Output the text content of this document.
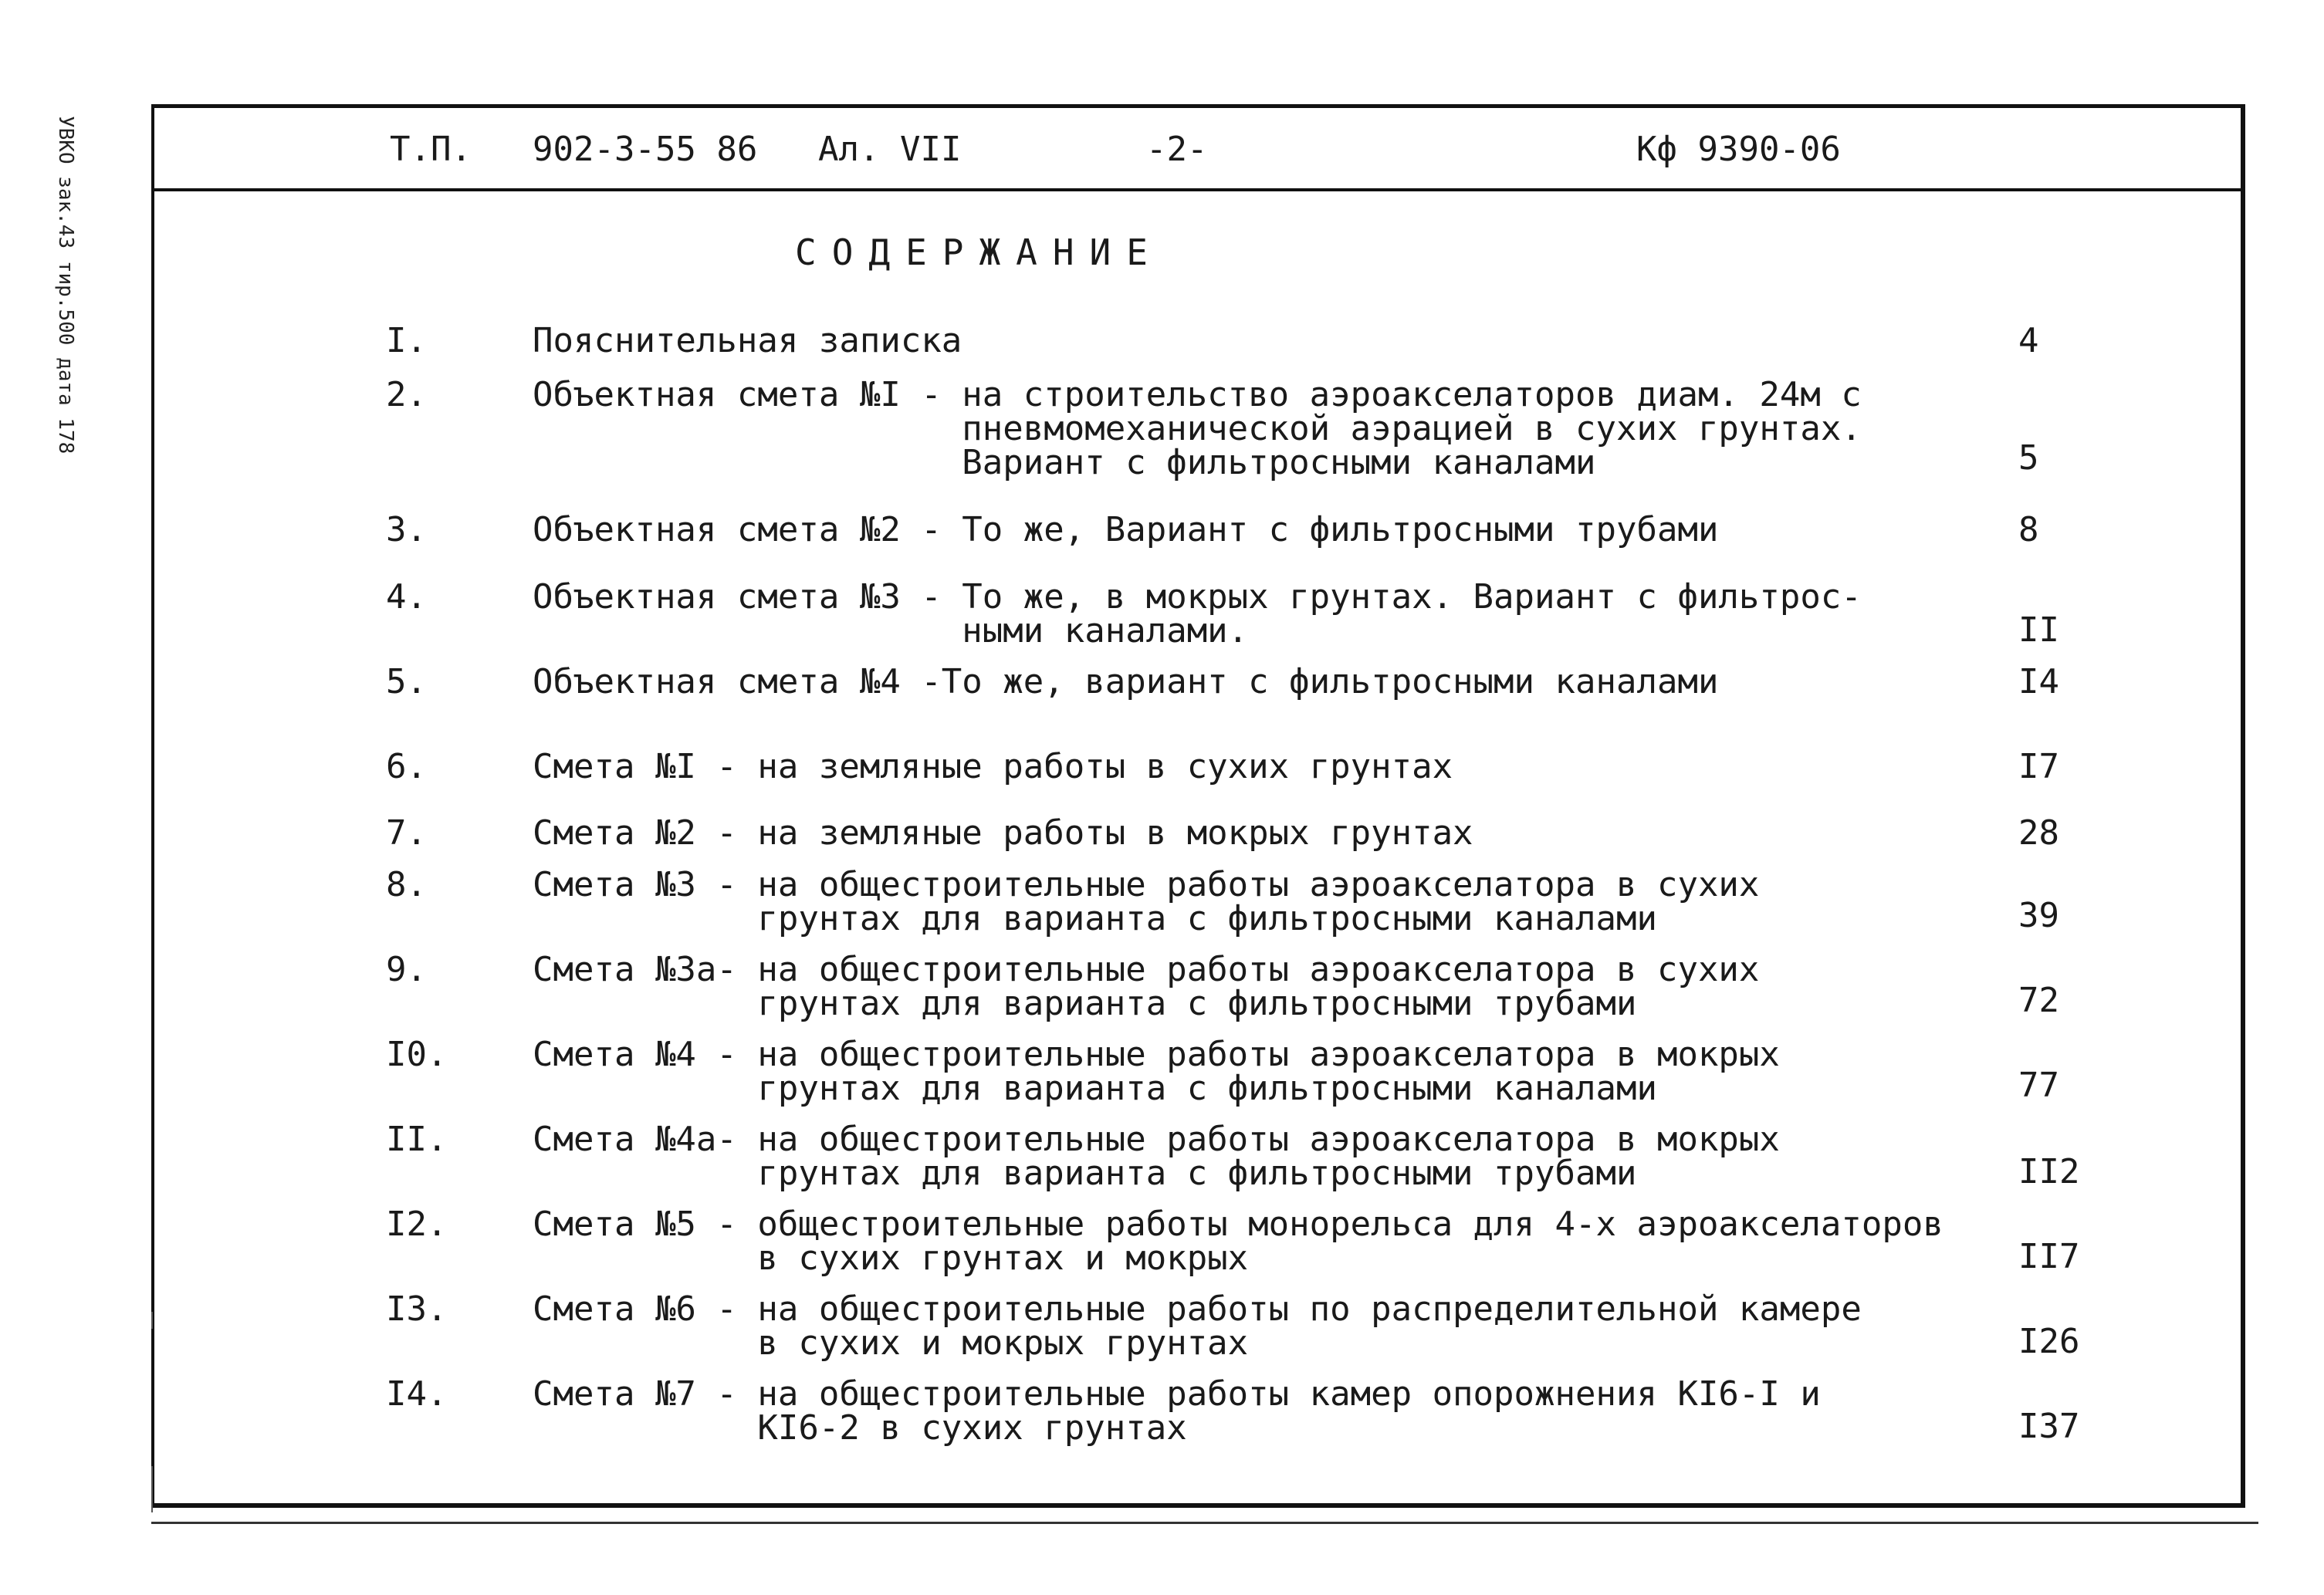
УВКО зак.43 тир.500 дата 178	Т.П. 902-3-55 86 Ал. VII	-2-	Кф 9390-06
СОДЕРЖАНИЕ
I.	Пояснительная записка	4
2.	Объектная смета №I - на строительство аэроакселаторов диам. 24м с
пневмомеханической аэрацией в сухих грунтах.
Вариант с фильтросными каналами	5
3.	Объектная смета №2 - То же, Вариант с фильтросными трубами	8
4.	Объектная смета №3 - То же, в мокрых грунтах. Вариант с фильтрос-
ными каналами.	II
5.	Объектная смета №4 -То же, вариант с фильтросными каналами	I4
6.	Смета №I - на земляные работы в сухих грунтах	I7
7.	Смета №2 - на земляные работы в мокрых грунтах	28
8.	Смета №3 - на общестроительные работы аэроакселатора в сухих
грунтах для варианта с фильтросными каналами	39
9.	Смета №3а- на общестроительные работы аэроакселатора в сухих
грунтах для варианта с фильтросными трубами	72
I0.	Смета №4 - на общестроительные работы аэроакселатора в мокрых
грунтах для варианта с фильтросными каналами	77
II.	Смета №4а- на общестроительные работы аэроакселатора в мокрых
грунтах для варианта с фильтросными трубами	II2
I2.	Смета №5 - общестроительные работы монорельса для 4-х аэроакселаторов
в сухих грунтах и мокрых	II7
I3.	Смета №6 - на общестроительные работы по распределительной камере
в сухих и мокрых грунтах	I26
I4.	Смета №7 - на общестроительные работы камер опорожнения КI6-I и
КI6-2 в сухих грунтах	I37
